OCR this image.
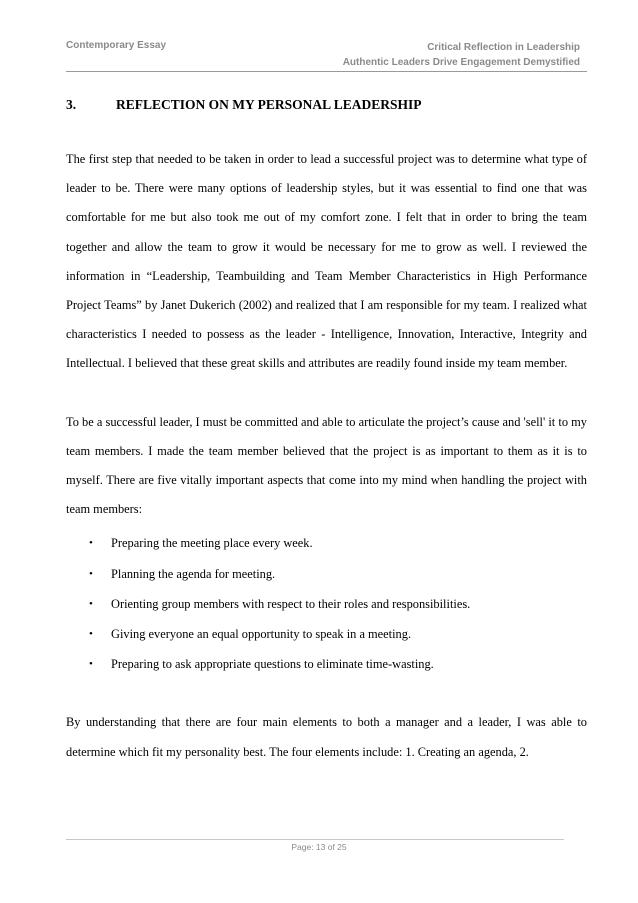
Contemporary Essay	Critical Reflection in Leadership
Authentic Leaders Drive Engagement Demystified
3.	REFLECTION ON MY PERSONAL LEADERSHIP

The first step that needed to be taken in order to lead a successful project was to determine what type of leader to be. There were many options of leadership styles, but it was essential to find one that was comfortable for me but also took me out of my comfort zone. I felt that in order to bring the team together and allow the team to grow it would be necessary for me to grow as well. I reviewed the information in “Leadership, Teambuilding and Team Member Characteristics in High Performance Project Teams” by Janet Dukerich (2002) and realized that I am responsible for my team. I realized what characteristics I needed to possess as the leader - Intelligence, Innovation, Interactive, Integrity and Intellectual. I believed that these great skills and attributes are readily found inside my team member.

To be a successful leader, I must be committed and able to articulate the project’s cause and 'sell' it to my team members. I made the team member believed that the project is as important to them as it is to myself. There are five vitally important aspects that come into my mind when handling the project with team members:

• Preparing the meeting place every week.
• Planning the agenda for meeting.
• Orienting group members with respect to their roles and responsibilities.
• Giving everyone an equal opportunity to speak in a meeting.
• Preparing to ask appropriate questions to eliminate time-wasting.

By understanding that there are four main elements to both a manager and a leader, I was able to determine which fit my personality best. The four elements include: 1. Creating an agenda, 2.

Page: 13 of 25
